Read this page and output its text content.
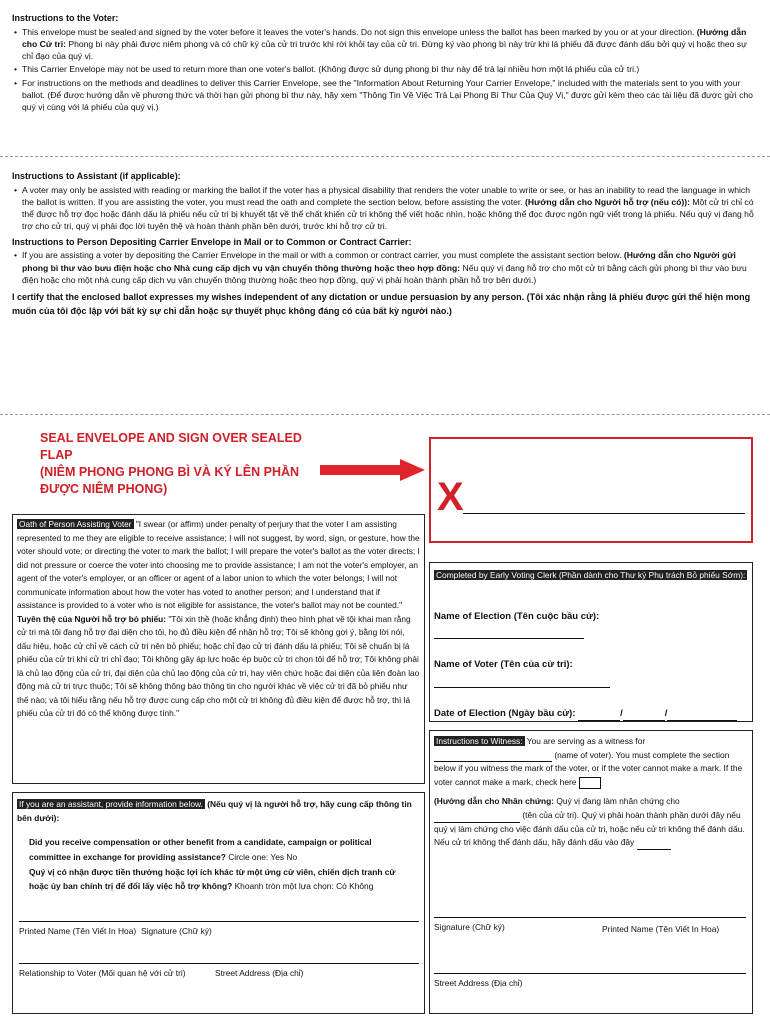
Instructions to the Voter:

• This envelope must be sealed and signed by the voter before it leaves the voter's hands. Do not sign this envelope unless the ballot has been marked by you or at your direction. (Hướng dẫn cho Cử tri: Phong bì này phải được niêm phong và có chữ ký của cử tri trước khi rời khỏi tay của cử tri. Đừng ký vào phong bì này trừ khi lá phiếu đã được đánh dấu bởi quý vị hoặc theo sự chỉ đạo của quý vị.
• This Carrier Envelope may not be used to return more than one voter's ballot. (Không được sử dụng phong bì thư này để trả lại nhiều hơn một lá phiếu của cử tri.)
• For instructions on the methods and deadlines to deliver this Carrier Envelope, see the "Information About Returning Your Carrier Envelope," included with the materials sent to you with your ballot. (Để được hướng dẫn về phương thức và thời hạn gửi phong bì thư này, hãy xem "Thông Tin Về Việc Trả Lại Phong Bì Thư Của Quý Vị," được gửi kèm theo các tài liệu đã được gửi cho quý vị cùng với lá phiếu của quý vị.)

Instructions to Assistant (if applicable):

• A voter may only be assisted with reading or marking the ballot if the voter has a physical disability that renders the voter unable to write or see, or has an inability to read the language in which the ballot is written. If you are assisting the voter, you must read the oath and complete the section below, before assisting the voter. (Hướng dẫn cho Người hỗ trợ (nếu có)): Một cử tri chỉ có thể được hỗ trợ đọc hoặc đánh dấu lá phiếu nếu cử tri bị khuyết tật về thể chất khiến cử tri không thể viết hoặc nhìn, hoặc không thể đọc được ngôn ngữ viết trong lá phiếu. Nếu quý vị đang hỗ trợ cho cử tri, quý vị phải đọc lời tuyên thệ và hoàn thành phần bên dưới, trước khi hỗ trợ cử tri.

Instructions to Person Depositing Carrier Envelope in Mail or to Common or Contract Carrier:

• If you are assisting a voter by depositing the Carrier Envelope in the mail or with a common or contract carrier, you must complete the assistant section below. (Hướng dẫn cho Người gửi phong bì thư vào bưu điện hoặc cho Nhà cung cấp dịch vụ vận chuyển thông thường hoặc theo hợp đồng: Nếu quý vị đang hỗ trợ cho một cử tri bằng cách gửi phong bì thư vào bưu điện hoặc cho một nhà cung cấp dịch vụ vận chuyển thông thường hoặc theo hợp đồng, quý vị phải hoàn thành phần hỗ trợ bên dưới.)

I certify that the enclosed ballot expresses my wishes independent of any dictation or undue persuasion by any person. (Tôi xác nhận rằng lá phiếu được gửi thể hiện mong muốn của tôi độc lập với bất kỳ sự chỉ dẫn hoặc sự thuyết phục không đáng có của bất kỳ người nào.)

SEAL ENVELOPE AND SIGN OVER SEALED FLAP
(NIÊM PHONG PHONG BÌ VÀ KÝ LÊN PHẦN ĐƯỢC NIÊM PHONG)	X
Oath of Person Assisting Voter "I swear (or affirm) under penalty of perjury that the voter I am assisting represented to me they are eligible to receive assistance; I will not suggest, by word, sign, or gesture, how the voter should vote; or directing the voter to mark the ballot; I will prepare the voter's ballot as the voter directs; I did not pressure or coerce the voter into choosing me to provide assistance; I am not the voter's employer, an agent of the voter's employer, or an officer or agent of a labor union to which the voter belongs; I will not communicate information about how the voter has voted to another person; and I understand that if assistance is provided to a voter who is not eligible for assistance, the voter's ballot may not be counted." Tuyên thệ của Người hỗ trợ bỏ phiếu: "Tôi xin thề (hoặc khẳng định) theo hình phạt về tội khai man rằng cử tri mà tôi đang hỗ trợ đại diện cho tôi, họ đủ điều kiện để nhận hỗ trợ; Tôi sẽ không gợi ý, bằng lời nói, dấu hiệu, hoặc cử chỉ về cách cử tri nên bỏ phiếu; hoặc chỉ đạo cử tri đánh dấu lá phiếu; Tôi sẽ chuẩn bị lá phiếu của cử tri khi cử tri chỉ đạo; Tôi không gây áp lực hoặc ép buộc cử tri chọn tôi để hỗ trợ; Tôi không phải là chủ lao động của cử tri, đại diện của chủ lao động của cử tri, hay viên chức hoặc đại diện của liên đoàn lao động mà cử tri trực thuộc; Tôi sẽ không thông báo thông tin cho người khác về việc cử tri đã bỏ phiếu như thế nào; và tôi hiểu rằng nếu hỗ trợ được cung cấp cho một cử tri không đủ điều kiện để được hỗ trợ, thì lá phiếu của cử tri đó có thể không được tính."
If you are an assistant, provide information below. (Nếu quý vị là người hỗ trợ, hãy cung cấp thông tin bên dưới):
Did you receive compensation or other benefit from a candidate, campaign or political committee in exchange for providing assistance? Circle one: Yes No
Quý vị có nhận được tiền thưởng hoặc lợi ích khác từ một ứng cử viên, chiến dịch tranh cử hoặc ủy ban chính trị để đổi lấy việc hỗ trợ không? Khoanh tròn một lựa chọn: Có Không
Printed Name (Tên Viết In Hoa) Signature (Chữ ký)
Relationship to Voter (Mối quan hệ với cử tri)	Street Address (Địa chỉ)
Completed by Early Voting Clerk (Phần dành cho Thư ký Phụ trách Bỏ phiếu Sớm):
Name of Election (Tên cuộc bầu cử):
Name of Voter (Tên của cử tri):
Date of Election (Ngày bầu cử):	/	/
Instructions to Witness: You are serving as a witness for  (name of voter). You must complete the section below if you witness the mark of the voter, or if the voter cannot make a mark. If the voter cannot make a mark, check here
(Hướng dẫn cho Nhân chứng: Quý vị đang làm nhân chứng cho  (tên của cử tri). Quý vị phải hoàn thành phần dưới đây nếu quý vị làm chứng cho việc đánh dấu của cử tri, hoặc nếu cử tri không thể đánh dấu. Nếu cử tri không thể đánh dấu, hãy đánh dấu vào đây
Signature (Chữ ký)	Printed Name (Tên Viết In Hoa)
Street Address (Địa chỉ)
